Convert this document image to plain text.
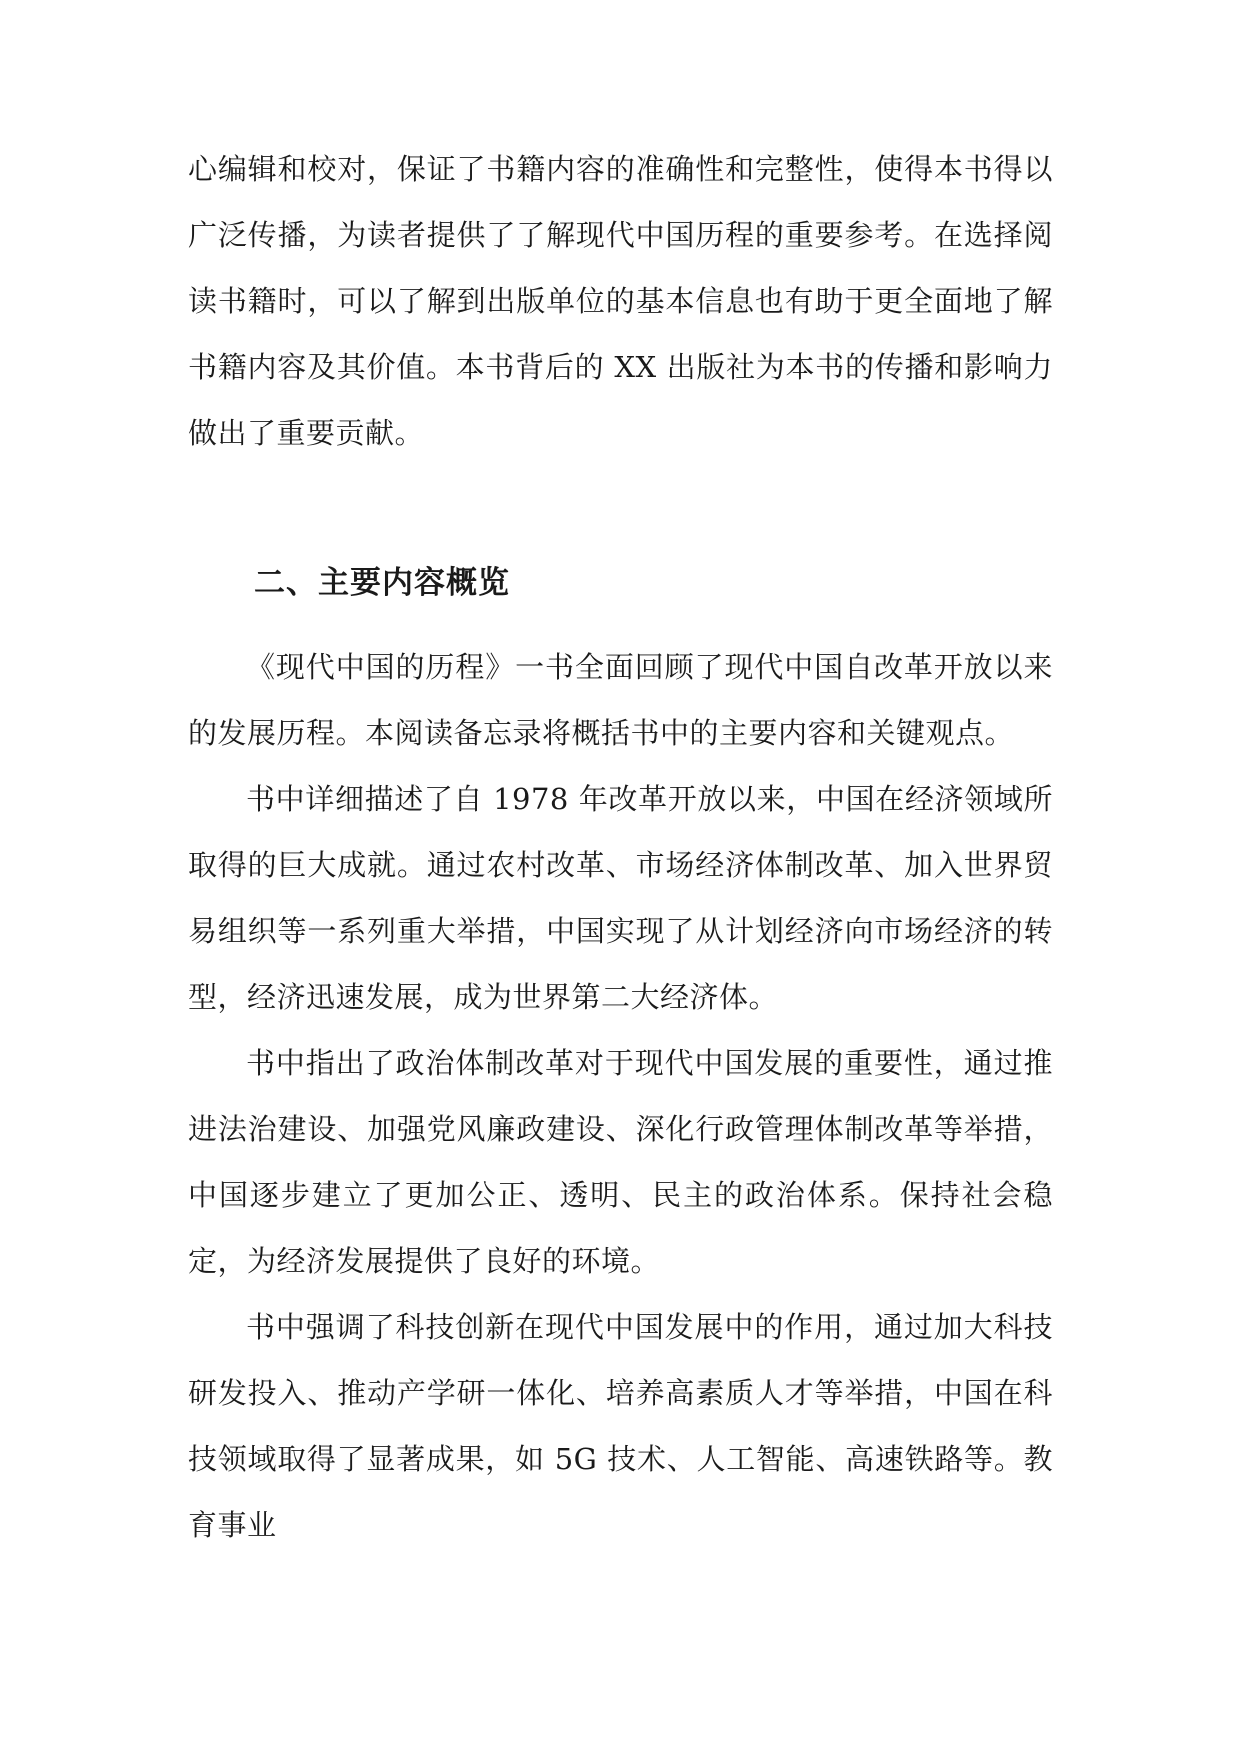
心编辑和校对，保证了书籍内容的准确性和完整性，使得本书得以广泛传播，为读者提供了了解现代中国历程的重要参考。在选择阅读书籍时，可以了解到出版单位的基本信息也有助于更全面地了解书籍内容及其价值。本书背后的 XX 出版社为本书的传播和影响力做出了重要贡献。

二、主要内容概览

《现代中国的历程》一书全面回顾了现代中国自改革开放以来的发展历程。本阅读备忘录将概括书中的主要内容和关键观点。

书中详细描述了自 1978 年改革开放以来，中国在经济领域所取得的巨大成就。通过农村改革、市场经济体制改革、加入世界贸易组织等一系列重大举措，中国实现了从计划经济向市场经济的转型，经济迅速发展，成为世界第二大经济体。

书中指出了政治体制改革对于现代中国发展的重要性，通过推进法治建设、加强党风廉政建设、深化行政管理体制改革等举措，中国逐步建立了更加公正、透明、民主的政治体系。保持社会稳定，为经济发展提供了良好的环境。

书中强调了科技创新在现代中国发展中的作用，通过加大科技研发投入、推动产学研一体化、培养高素质人才等举措，中国在科技领域取得了显著成果，如 5G 技术、人工智能、高速铁路等。教育事业
